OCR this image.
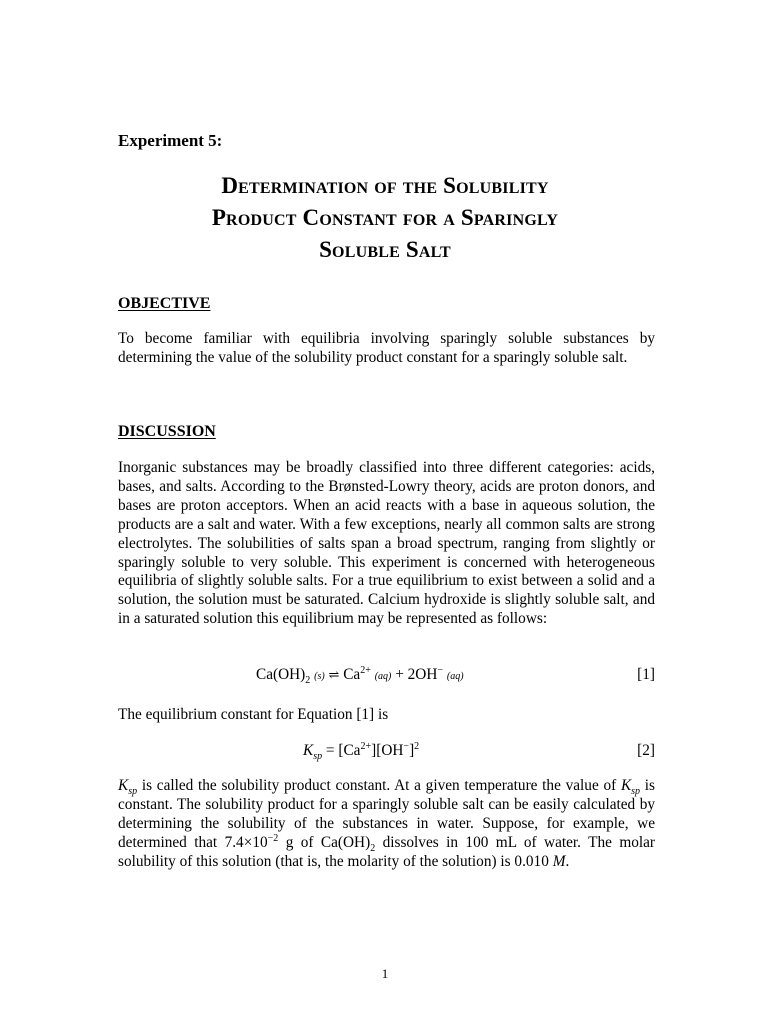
Experiment 5:
Determination of the Solubility
Product Constant for a Sparingly
Soluble Salt
OBJECTIVE
To become familiar with equilibria involving sparingly soluble substances by determining the value of the solubility product constant for a sparingly soluble salt.
DISCUSSION
Inorganic substances may be broadly classified into three different categories: acids, bases, and salts. According to the Brønsted-Lowry theory, acids are proton donors, and bases are proton acceptors. When an acid reacts with a base in aqueous solution, the products are a salt and water. With a few exceptions, nearly all common salts are strong electrolytes. The solubilities of salts span a broad spectrum, ranging from slightly or sparingly soluble to very soluble. This experiment is concerned with heterogeneous equilibria of slightly soluble salts. For a true equilibrium to exist between a solid and a solution, the solution must be saturated. Calcium hydroxide is slightly soluble salt, and in a saturated solution this equilibrium may be represented as follows:
$Ca(OH)_2$ (s) ⇌ $Ca^{2+}$ (aq) + 2OH− (aq)	[1]
The equilibrium constant for Equation [1] is
$K_{sp} = [Ca^{2+}][OH^-]^2$	[2]
$K_{sp}$ is called the solubility product constant. At a given temperature the value of $K_{sp}$ is constant. The solubility product for a sparingly soluble salt can be easily calculated by determining the solubility of the substances in water. Suppose, for example, we determined that $7.4\times 10^{-2}$ g of $Ca(OH)_2$ dissolves in 100 mL of water. The molar solubility of this solution (that is, the molarity of the solution) is 0.010 M.
1
